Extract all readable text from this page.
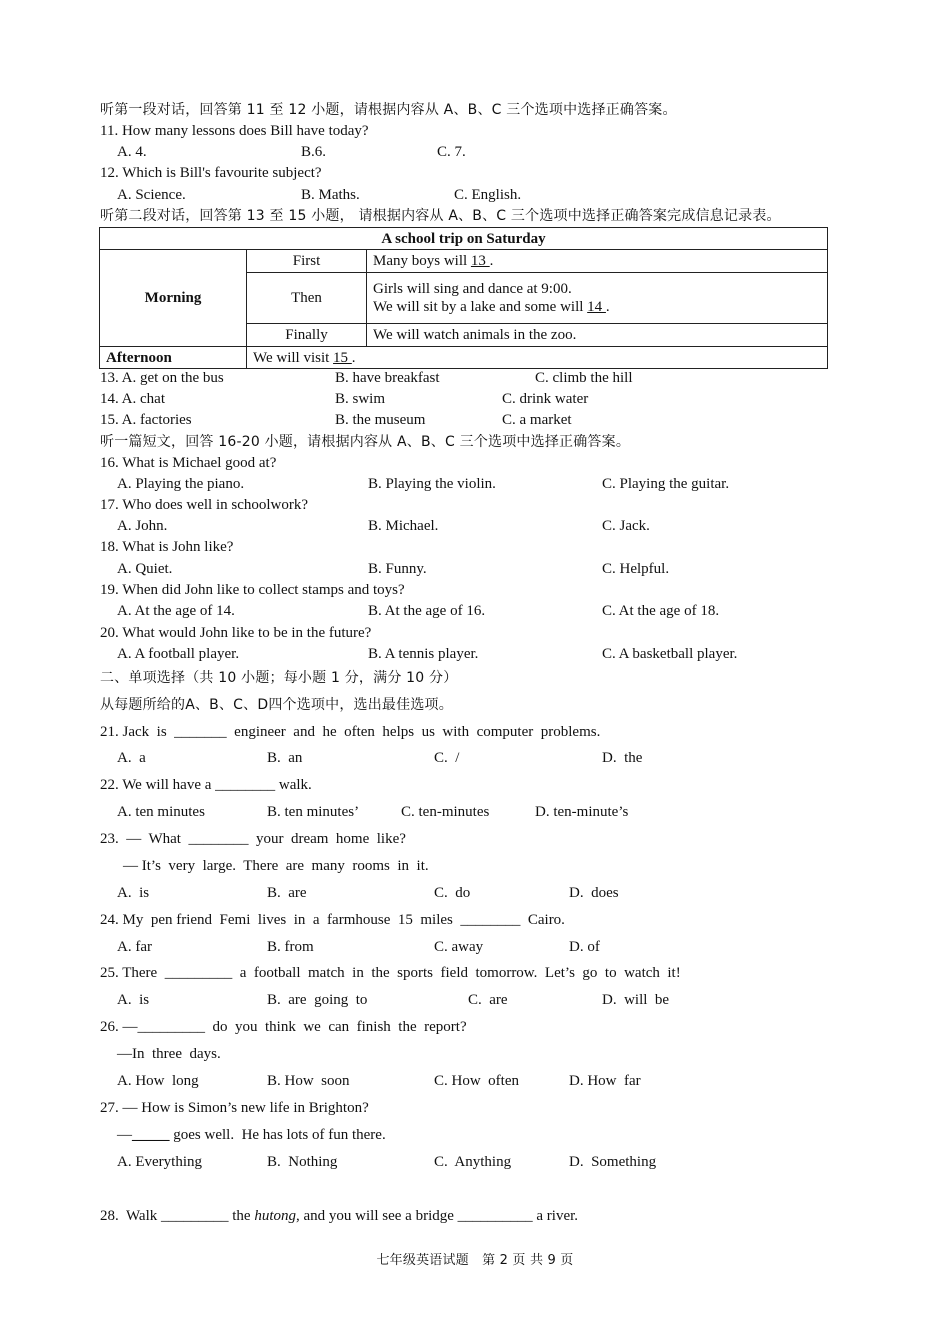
听第一段对话，回答第 11 至 12 小题，请根据内容从 A、B、C 三个选项中选择正确答案。
11. How many lessons does Bill have today?
A. 4.	B.6.	C. 7.
12. Which is Bill's favourite subject?
A. Science.	B. Maths.	C. English.
听第二段对话，回答第 13 至 15 小题， 请根据内容从 A、B、C 三个选项中选择正确答案完成信息记录表。
A school trip on Saturday		
Morning	First	Many boys will 13 .
	Then	Girls will sing and dance at 9:00.
We will sit by a lake and some will 14 .

	Finally	We will watch animals in the zoo.
Afternoon	We will visit 15 .	
13. A. get on the bus	B. have breakfast	C. climb the hill
14. A. chat	B. swim	C. drink water
15. A. factories	B. the museum	C. a market
听一篇短文，回答 16-20 小题，请根据内容从 A、B、C 三个选项中选择正确答案。
16. What is Michael good at?
A. Playing the piano.	B. Playing the violin.	C. Playing the guitar.
17. Who does well in schoolwork?
A. John.	B. Michael.	C. Jack.
18. What is John like?
A. Quiet.	B. Funny.	C. Helpful.
19. When did John like to collect stamps and toys?
A. At the age of 14.	B. At the age of 16.	C. At the age of 18.
20. What would John like to be in the future?
A. A football player.	B. A tennis player.	C. A basketball player.
二、单项选择（共 10 小题；每小题 1 分，满分 10 分）
从每题所给的A、B、C、D四个选项中，选出最佳选项。
21. Jack  is  _______  engineer  and  he  often  helps  us  with  computer  problems.
A.  a	B.  an	C.  /	D.  the
22. We will have a ________ walk.
A. ten minutes	B. ten minutes’	C. ten-minutes	D. ten-minute’s
23.  —  What  ________  your  dream  home  like?
— It’s  very  large.  There  are  many  rooms  in  it.
A.  is	B.  are	C.  do	D.  does
24. My  pen friend  Femi  lives  in  a  farmhouse  15  miles  ________  Cairo.
A. far	B. from	C. away	D. of
25. There  _________  a  football  match  in  the  sports  field  tomorrow.  Let’s  go  to  watch  it!
A.  is	B.  are  going  to	C.  are	D.  will  be
26. —_________  do  you  think  we  can  finish  the  report?
—In  three  days.
A. How  long	B. How  soon	C. How  often	D. How  far
27. — How is Simon’s new life in Brighton?
—_____ goes well.  He has lots of fun there.
A. Everything	B.  Nothing	C.  Anything	D.  Something
28.  Walk _________ the hutong, and you will see a bridge __________ a river.
七年级英语试题　第 2 页 共 9 页
